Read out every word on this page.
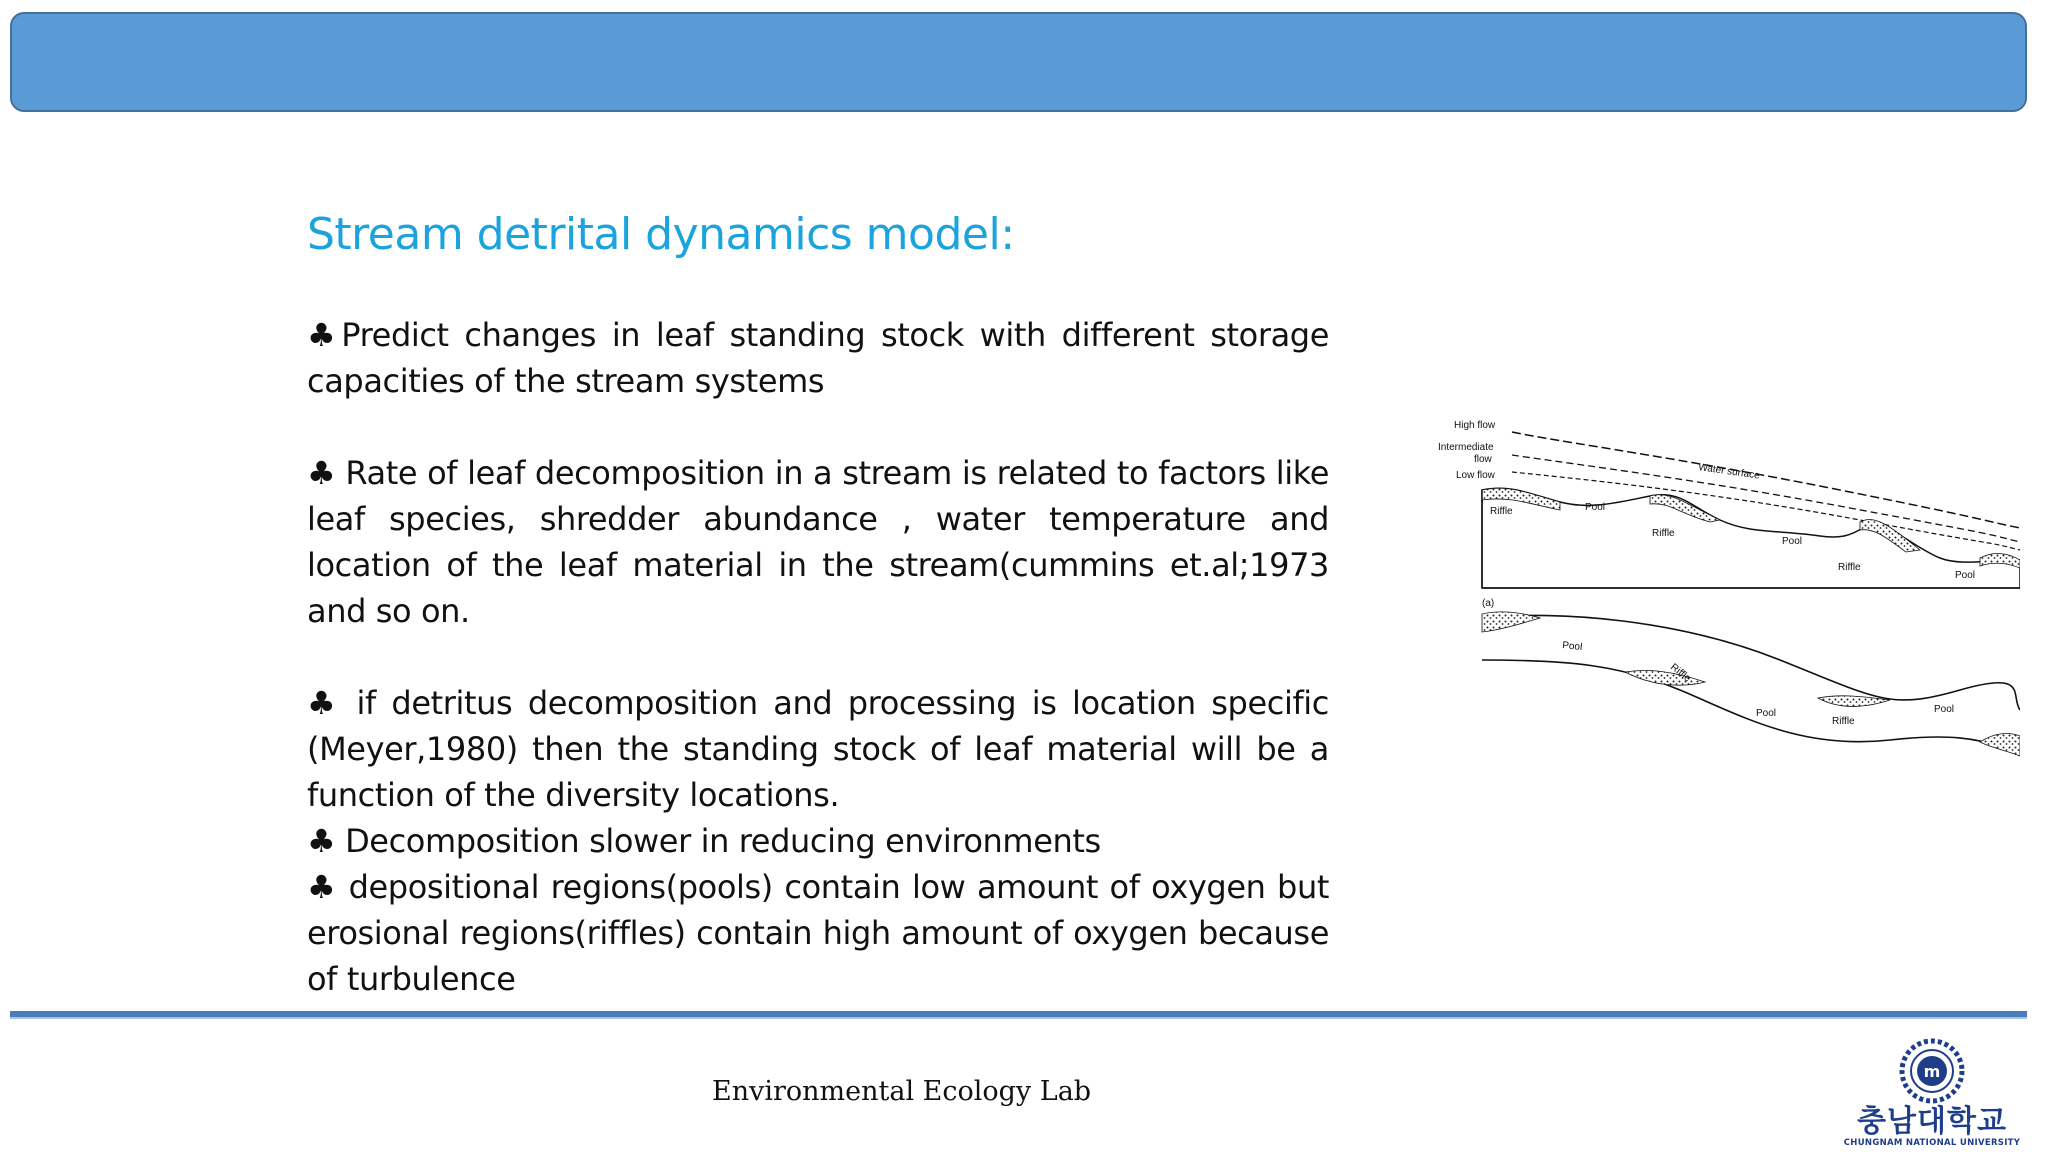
Stream detrital dynamics model:

♣Predict changes in leaf standing stock with different storage capacities of the stream systems

♣ Rate of leaf decomposition in a stream is related to factors like leaf species, shredder abundance , water temperature and location of the leaf material in the stream(cummins et.al;1973 and so on.

♣ if detritus decomposition and processing is location specific (Meyer,1980) then the standing stock of leaf material will be a function of the diversity locations.

♣ Decomposition slower in reducing environments

♣ depositional regions(pools) contain low amount of oxygen but erosional regions(riffles) contain high amount of oxygen because of turbulence

High flow
Intermediate
flow
Low flow	Water surface
Riffle	Pool
Riffle
Pool
Riffle
Pool
(a)
Pool
Riffle
Pool
Riffle
Pool
Environmental Ecology Lab
m
충남대학교
CHUNGNAM NATIONAL UNIVERSITY
